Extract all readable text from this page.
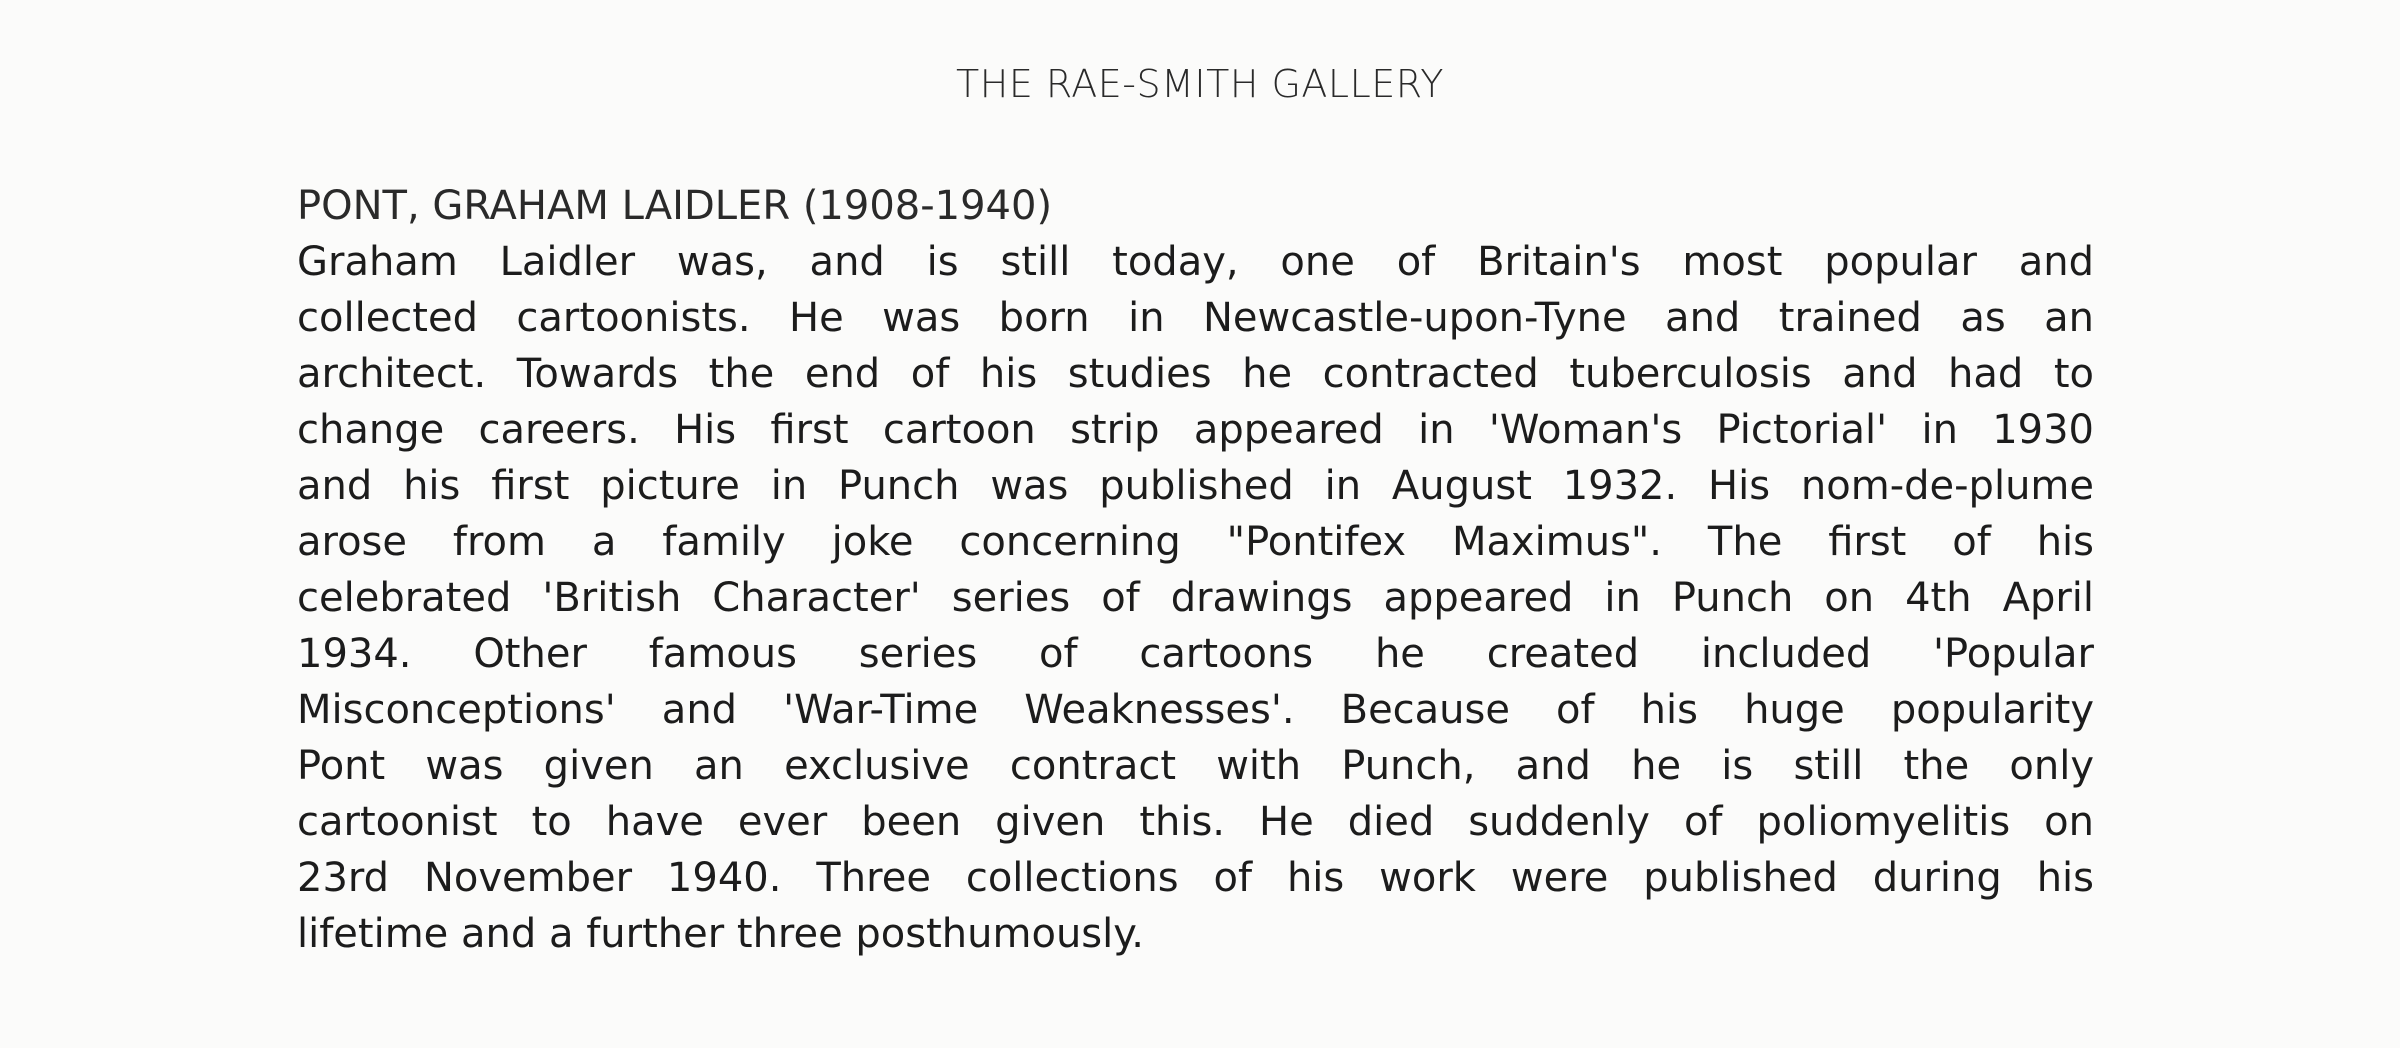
THE RAE-SMITH GALLERY

PONT, GRAHAM LAIDLER (1908-1940)

Graham Laidler was, and is still today, one of Britain's most popular and

collected cartoonists. He was born in Newcastle-upon-Tyne and trained as an

architect. Towards the end of his studies he contracted tuberculosis and had to

change careers. His first cartoon strip appeared in 'Woman's Pictorial' in 1930

and his first picture in Punch was published in August 1932. His nom-de-plume

arose from a family joke concerning "Pontifex Maximus". The first of his

celebrated 'British Character' series of drawings appeared in Punch on 4th April

1934. Other famous series of cartoons he created included 'Popular

Misconceptions' and 'War-Time Weaknesses'. Because of his huge popularity

Pont was given an exclusive contract with Punch, and he is still the only

cartoonist to have ever been given this. He died suddenly of poliomyelitis on

23rd November 1940. Three collections of his work were published during his

lifetime and a further three posthumously.
